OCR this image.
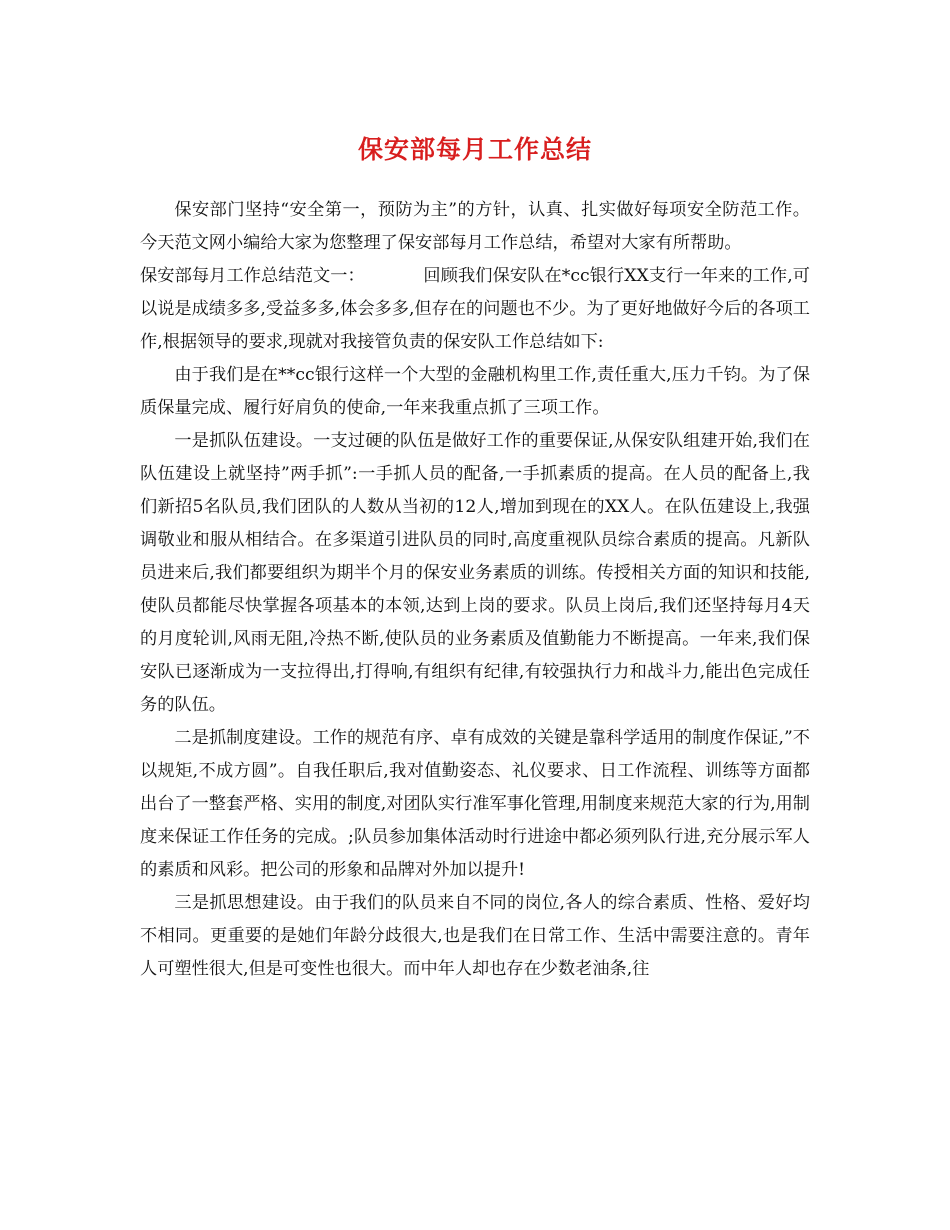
保安部每月工作总结

保安部门坚持“安全第一，预防为主”的方针，认真、扎实做好每项安全防范工作。今天范文网小编给大家为您整理了保安部每月工作总结，希望对大家有所帮助。

保安部每月工作总结范文一：	回顾我们保安队在*cc银行XX支行一年来的工作,可以说是成绩多多,受益多多,体会多多,但存在的问题也不少。为了更好地做好今后的各项工作,根据领导的要求,现就对我接管负责的保安队工作总结如下:

由于我们是在**cc银行这样一个大型的金融机构里工作,责任重大,压力千钧。为了保质保量完成、履行好肩负的使命,一年来我重点抓了三项工作。

一是抓队伍建设。一支过硬的队伍是做好工作的重要保证,从保安队组建开始,我们在队伍建设上就坚持”两手抓”:一手抓人员的配备,一手抓素质的提高。在人员的配备上,我们新招5名队员,我们团队的人数从当初的12人,增加到现在的XX人。在队伍建设上,我强调敬业和服从相结合。在多渠道引进队员的同时,高度重视队员综合素质的提高。凡新队员进来后,我们都要组织为期半个月的保安业务素质的训练。传授相关方面的知识和技能,使队员都能尽快掌握各项基本的本领,达到上岗的要求。队员上岗后,我们还坚持每月4天的月度轮训,风雨无阻,冷热不断,使队员的业务素质及值勤能力不断提高。一年来,我们保安队已逐渐成为一支拉得出,打得响,有组织有纪律,有较强执行力和战斗力,能出色完成任务的队伍。

二是抓制度建设。工作的规范有序、卓有成效的关键是靠科学适用的制度作保证,”不以规矩,不成方圆”。自我任职后,我对值勤姿态、礼仪要求、日工作流程、训练等方面都出台了一整套严格、实用的制度,对团队实行准军事化管理,用制度来规范大家的行为,用制度来保证工作任务的完成。;队员参加集体活动时行进途中都必须列队行进,充分展示军人的素质和风彩。把公司的形象和品牌对外加以提升!

三是抓思想建设。由于我们的队员来自不同的岗位,各人的综合素质、性格、爱好均不相同。更重要的是她们年龄分歧很大,也是我们在日常工作、生活中需要注意的。青年人可塑性很大,但是可变性也很大。而中年人却也存在少数老油条,往
